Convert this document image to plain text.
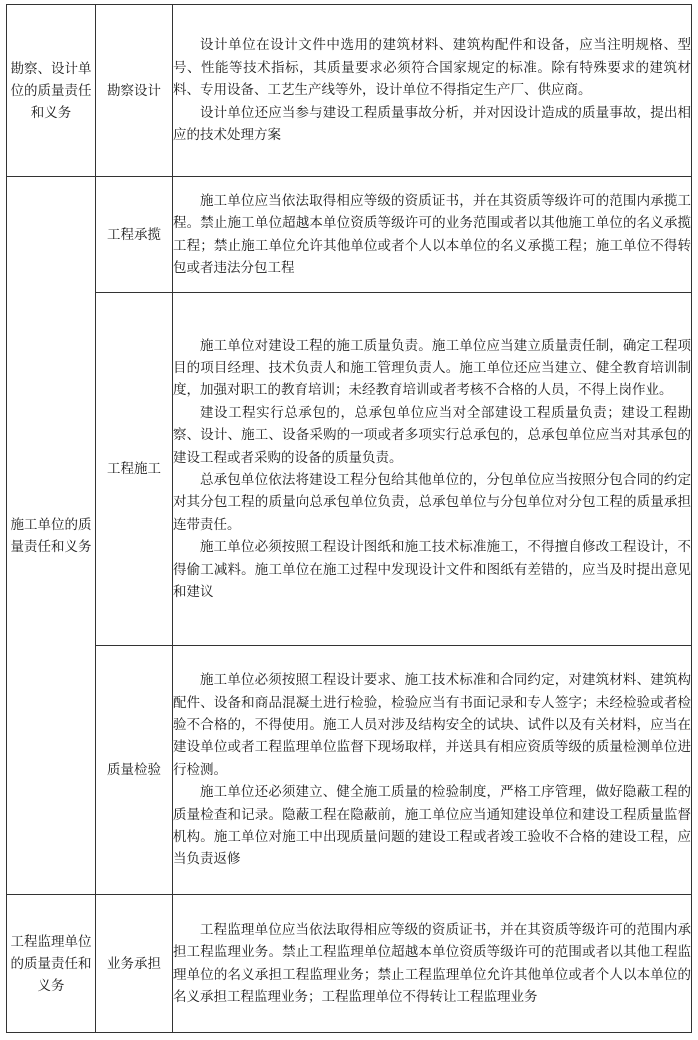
勘察、设计单位的质量责任和义务	勘察设计	设计单位在设计文件中选用的建筑材料、建筑构配件和设备，应当注明规格、型号、性能等技术指标，其质量要求必须符合国家规定的标准。除有特殊要求的建筑材料、专用设备、工艺生产线等外，设计单位不得指定生产厂、供应商。

设计单位还应当参与建设工程质量事故分析，并对因设计造成的质量事故，提出相应的技术处理方案

施工单位的质量责任和义务	工程承揽	施工单位应当依法取得相应等级的资质证书，并在其资质等级许可的范围内承揽工程。禁止施工单位超越本单位资质等级许可的业务范围或者以其他施工单位的名义承揽工程；禁止施工单位允许其他单位或者个人以本单位的名义承揽工程；施工单位不得转包或者违法分包工程

	工程施工	施工单位对建设工程的施工质量负责。施工单位应当建立质量责任制，确定工程项目的项目经理、技术负责人和施工管理负责人。施工单位还应当建立、健全教育培训制度，加强对职工的教育培训；未经教育培训或者考核不合格的人员，不得上岗作业。

建设工程实行总承包的，总承包单位应当对全部建设工程质量负责；建设工程勘察、设计、施工、设备采购的一项或者多项实行总承包的，总承包单位应当对其承包的建设工程或者采购的设备的质量负责。

总承包单位依法将建设工程分包给其他单位的，分包单位应当按照分包合同的约定对其分包工程的质量向总承包单位负责，总承包单位与分包单位对分包工程的质量承担连带责任。

施工单位必须按照工程设计图纸和施工技术标准施工，不得擅自修改工程设计，不得偷工减料。施工单位在施工过程中发现设计文件和图纸有差错的，应当及时提出意见和建议

	质量检验	施工单位必须按照工程设计要求、施工技术标准和合同约定，对建筑材料、建筑构配件、设备和商品混凝土进行检验，检验应当有书面记录和专人签字；未经检验或者检验不合格的，不得使用。施工人员对涉及结构安全的试块、试件以及有关材料，应当在建设单位或者工程监理单位监督下现场取样，并送具有相应资质等级的质量检测单位进行检测。

施工单位还必须建立、健全施工质量的检验制度，严格工序管理，做好隐蔽工程的质量检查和记录。隐蔽工程在隐蔽前，施工单位应当通知建设单位和建设工程质量监督机构。施工单位对施工中出现质量问题的建设工程或者竣工验收不合格的建设工程，应当负责返修

工程监理单位的质量责任和义务	业务承担	工程监理单位应当依法取得相应等级的资质证书，并在其资质等级许可的范围内承担工程监理业务。禁止工程监理单位超越本单位资质等级许可的范围或者以其他工程监理单位的名义承担工程监理业务；禁止工程监理单位允许其他单位或者个人以本单位的名义承担工程监理业务；工程监理单位不得转让工程监理业务
